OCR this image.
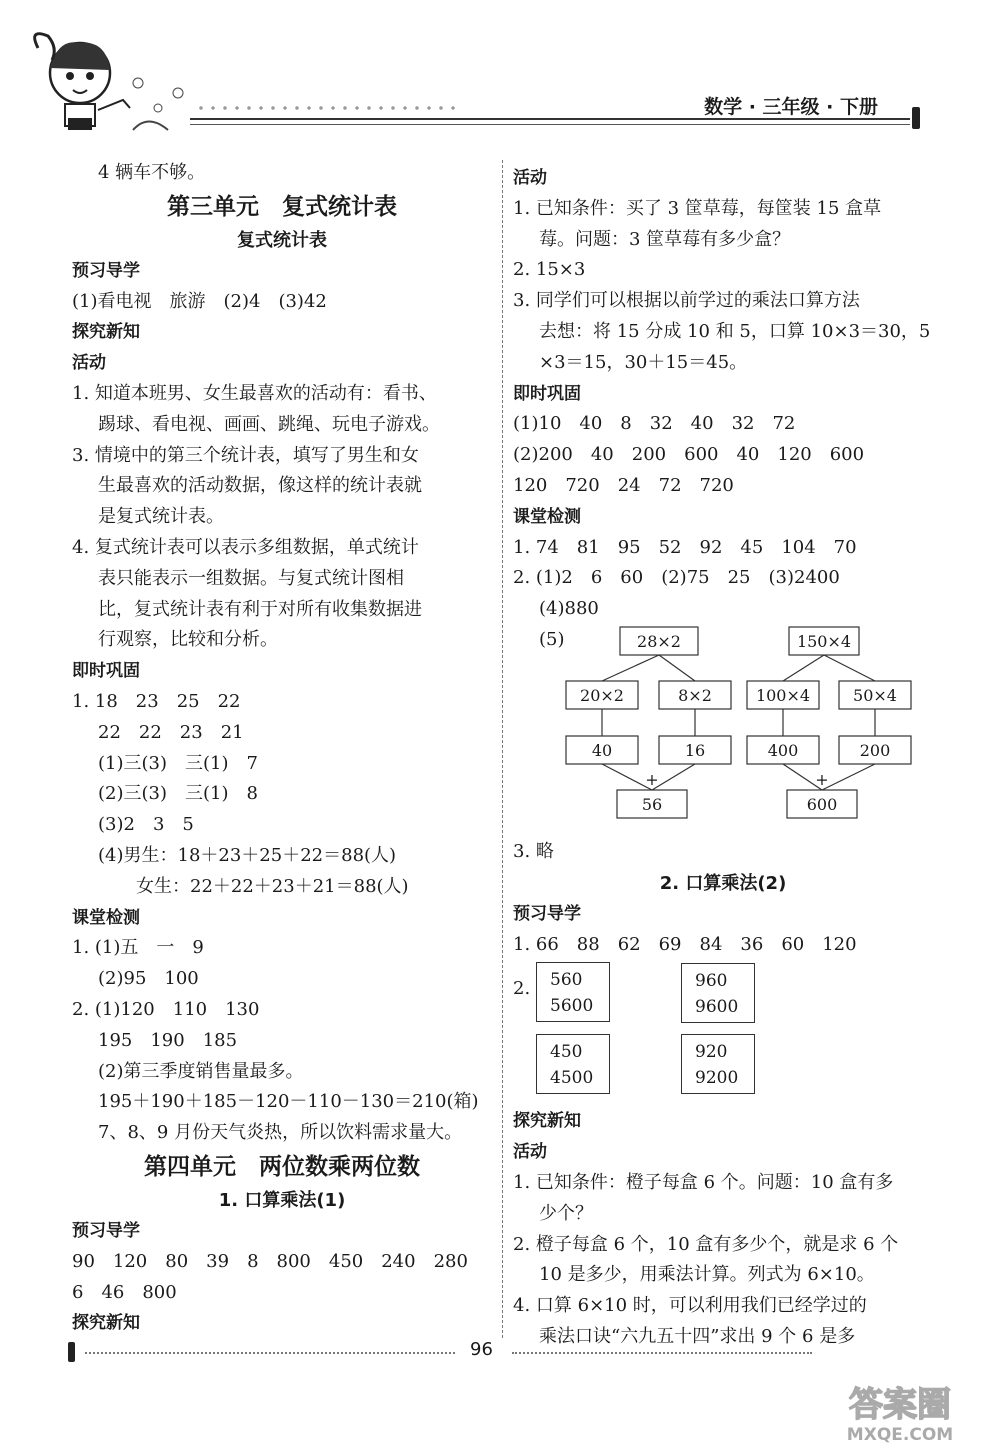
数学 · 三年级 · 下册
4 辆车不够。
第三单元　复式统计表
复式统计表
预习导学
(1)看电视　旅游　(2)4　(3)42
探究新知
活动
1. 知道本班男、女生最喜欢的活动有：看书、
踢球、看电视、画画、跳绳、玩电子游戏。
3. 情境中的第三个统计表，填写了男生和女
生最喜欢的活动数据，像这样的统计表就
是复式统计表。
4. 复式统计表可以表示多组数据，单式统计
表只能表示一组数据。与复式统计图相
比，复式统计表有利于对所有收集数据进
行观察，比较和分析。
即时巩固
1. 18　23　25　22
22　22　23　21
(1)三(3)　三(1)　7
(2)三(3)　三(1)　8
(3)2　3　5
(4)男生：18＋23＋25＋22＝88(人)
女生：22＋22＋23＋21＝88(人)
课堂检测
1. (1)五　一　9
(2)95　100
2. (1)120　110　130
195　190　185
(2)第三季度销售量最多。
195＋190＋185－120－110－130＝210(箱)
7、8、9 月份天气炎热，所以饮料需求量大。
第四单元　两位数乘两位数
1. 口算乘法(1)
预习导学
90　120　80　39　8　800　450　240　280
6　46　800
探究新知
活动
1. 已知条件：买了 3 筐草莓，每筐装 15 盒草
莓。问题：3 筐草莓有多少盒？
2. 15×3
3. 同学们可以根据以前学过的乘法口算方法
去想：将 15 分成 10 和 5，口算 10×3＝30，5
×3＝15，30＋15＝45。
即时巩固
(1)10　40　8　32　40　32　72
(2)200　40　200　600　40　120　600
120　720　24　72　720
课堂检测
1. 74　81　95　52　92　45　104　70
2. (1)2　6　60　(2)75　25　(3)2400
(4)880
(5)	28×2
20×2	8×2
40	16
+
56
150×4
100×4	50×4
400	200
+
600
3. 略
2. 口算乘法(2)
预习导学
1. 66　88　62　69　84　36　60　120
2. 560
5600
960
9600
450
4500
920
9200
探究新知
活动
1. 已知条件：橙子每盒 6 个。问题：10 盒有多
少个？
2. 橙子每盒 6 个，10 盒有多少个，就是求 6 个
10 是多少，用乘法计算。列式为 6×10。
4. 口算 6×10 时，可以利用我们已经学过的
乘法口诀“六九五十四”求出 9 个 6 是多
96
答案圈
MXQE.COM
